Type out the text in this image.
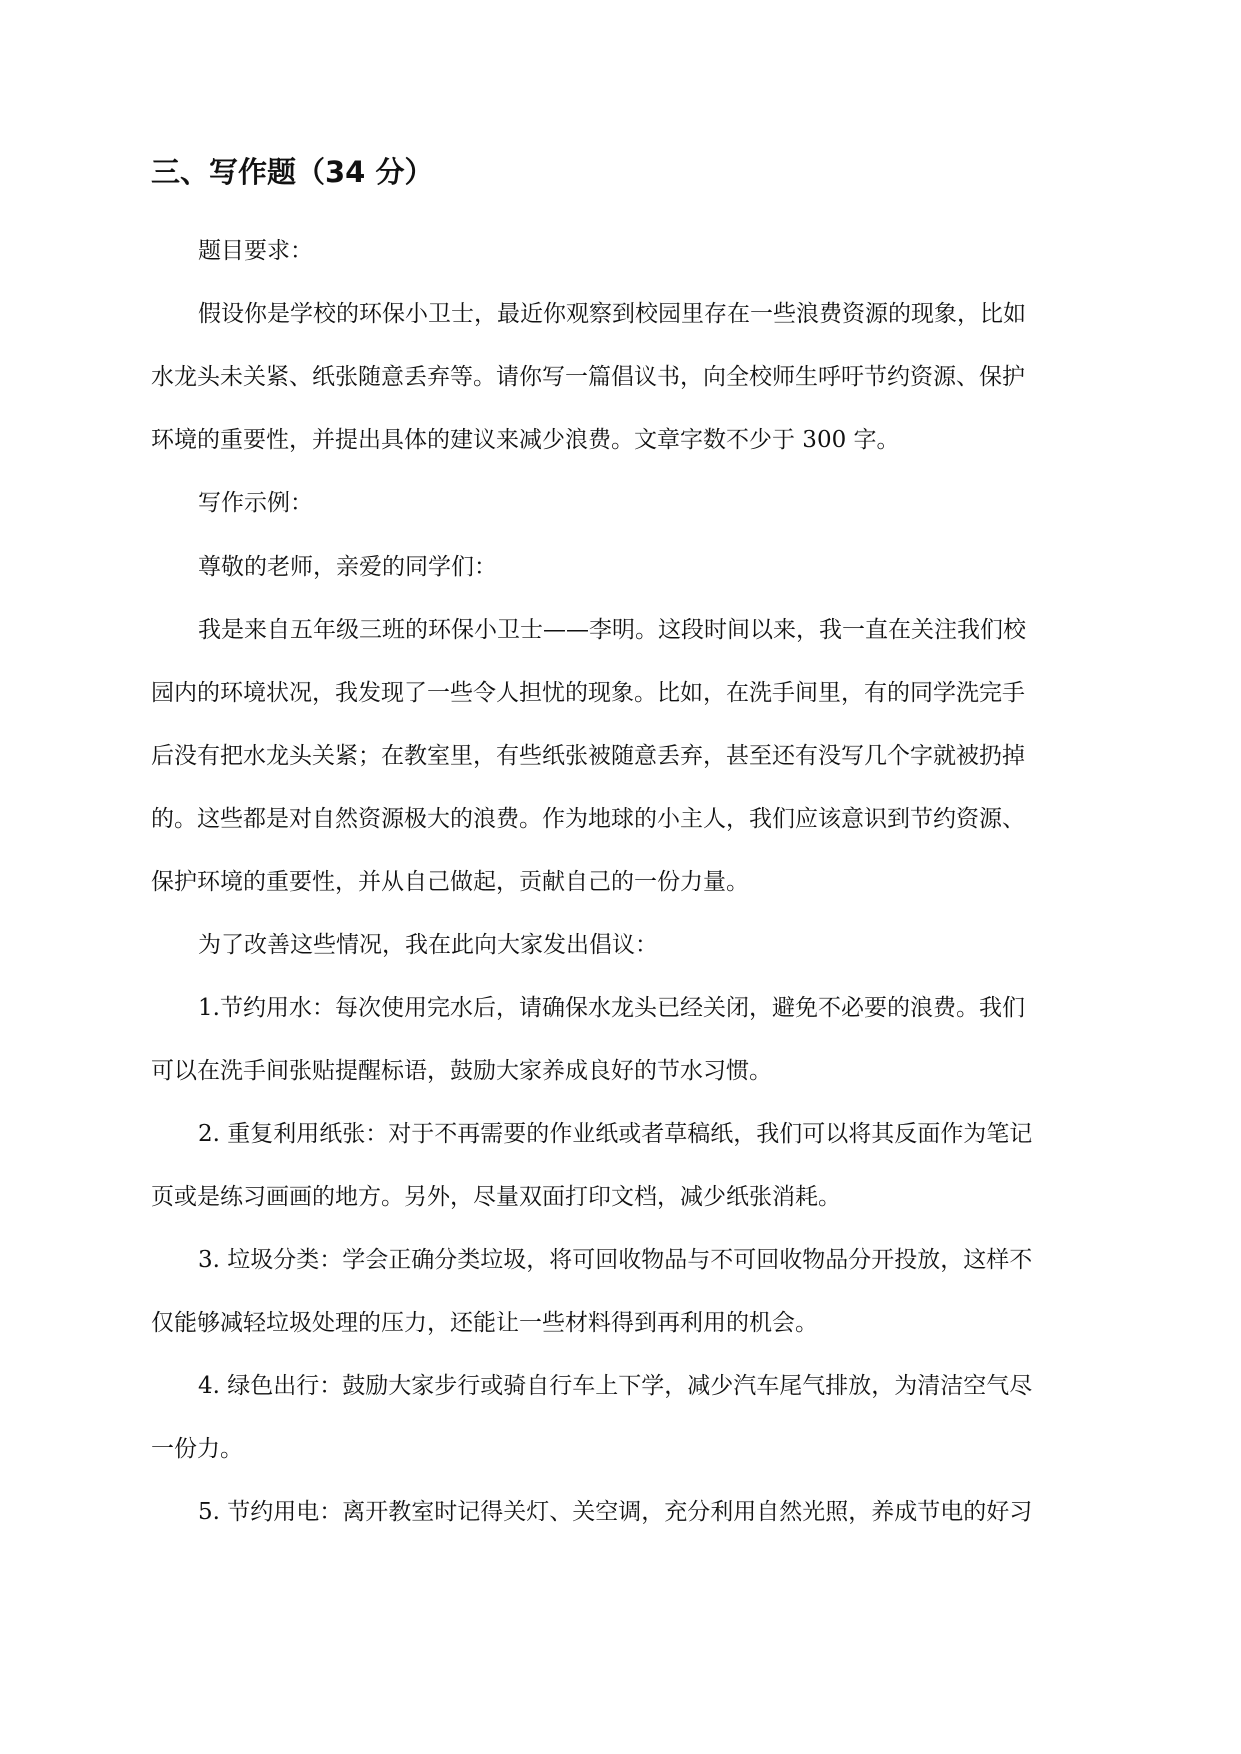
三、写作题（34 分）

题目要求：

假设你是学校的环保小卫士，最近你观察到校园里存在一些浪费资源的现象，比如

水龙头未关紧、纸张随意丢弃等。请你写一篇倡议书，向全校师生呼吁节约资源、保护

环境的重要性，并提出具体的建议来减少浪费。文章字数不少于 300 字。

写作示例：

尊敬的老师，亲爱的同学们：

我是来自五年级三班的环保小卫士——李明。这段时间以来，我一直在关注我们校

园内的环境状况，我发现了一些令人担忧的现象。比如，在洗手间里，有的同学洗完手

后没有把水龙头关紧；在教室里，有些纸张被随意丢弃，甚至还有没写几个字就被扔掉

的。这些都是对自然资源极大的浪费。作为地球的小主人，我们应该意识到节约资源、

保护环境的重要性，并从自己做起，贡献自己的一份力量。

为了改善这些情况，我在此向大家发出倡议：

1.节约用水：每次使用完水后，请确保水龙头已经关闭，避免不必要的浪费。我们

可以在洗手间张贴提醒标语，鼓励大家养成良好的节水习惯。

2. 重复利用纸张：对于不再需要的作业纸或者草稿纸，我们可以将其反面作为笔记

页或是练习画画的地方。另外，尽量双面打印文档，减少纸张消耗。

3. 垃圾分类：学会正确分类垃圾，将可回收物品与不可回收物品分开投放，这样不

仅能够减轻垃圾处理的压力，还能让一些材料得到再利用的机会。

4. 绿色出行：鼓励大家步行或骑自行车上下学，减少汽车尾气排放，为清洁空气尽

一份力。

5. 节约用电：离开教室时记得关灯、关空调，充分利用自然光照，养成节电的好习
